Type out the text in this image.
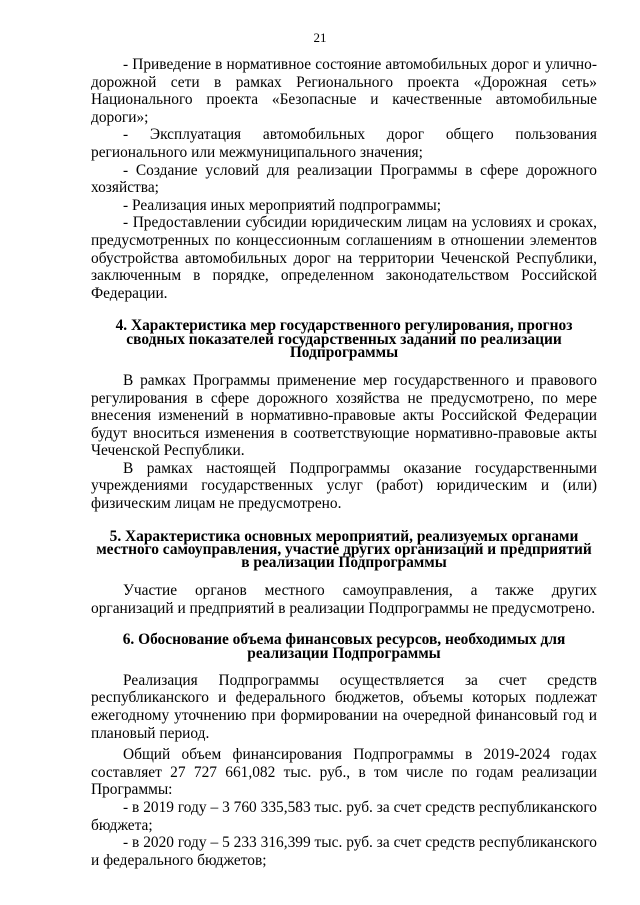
21

- Приведение в нормативное состояние автомобильных дорог и улично-дорожной сети в рамках Регионального проекта «Дорожная сеть» Национального проекта «Безопасные и качественные автомобильные дороги»;

- Эксплуатация автомобильных дорог общего пользования регионального или межмуниципального значения;

- Создание условий для реализации Программы в сфере дорожного хозяйства;

- Реализация иных мероприятий подпрограммы;

- Предоставлении субсидии юридическим лицам на условиях и сроках, предусмотренных по концессионным соглашениям в отношении элементов обустройства автомобильных дорог на территории Чеченской Республики, заключенным в порядке, определенном законодательством Российской Федерации.

4. Характеристика мер государственного регулирования, прогноз сводных показателей государственных заданий по реализации Подпрограммы

В рамках Программы применение мер государственного и правового регулирования в сфере дорожного хозяйства не предусмотрено, по мере внесения изменений в нормативно-правовые акты Российской Федерации будут вноситься изменения в соответствующие нормативно-правовые акты Чеченской Республики.

В рамках настоящей Подпрограммы оказание государственными учреждениями государственных услуг (работ) юридическим и (или) физическим лицам не предусмотрено.

5. Характеристика основных мероприятий, реализуемых органами местного самоуправления, участие других организаций и предприятий в реализации Подпрограммы

Участие органов местного самоуправления, а также других организаций и предприятий в реализации Подпрограммы не предусмотрено.

6. Обоснование объема финансовых ресурсов, необходимых для реализации Подпрограммы

Реализация Подпрограммы осуществляется за счет средств республиканского и федерального бюджетов, объемы которых подлежат ежегодному уточнению при формировании на очередной финансовый год и плановый период.

Общий объем финансирования Подпрограммы в 2019-2024 годах составляет 27 727 661,082 тыс. руб., в том числе по годам реализации Программы:

- в 2019 году – 3 760 335,583 тыс. руб. за счет средств республиканского бюджета;

- в 2020 году – 5 233 316,399 тыс. руб. за счет средств республиканского и федерального бюджетов;
